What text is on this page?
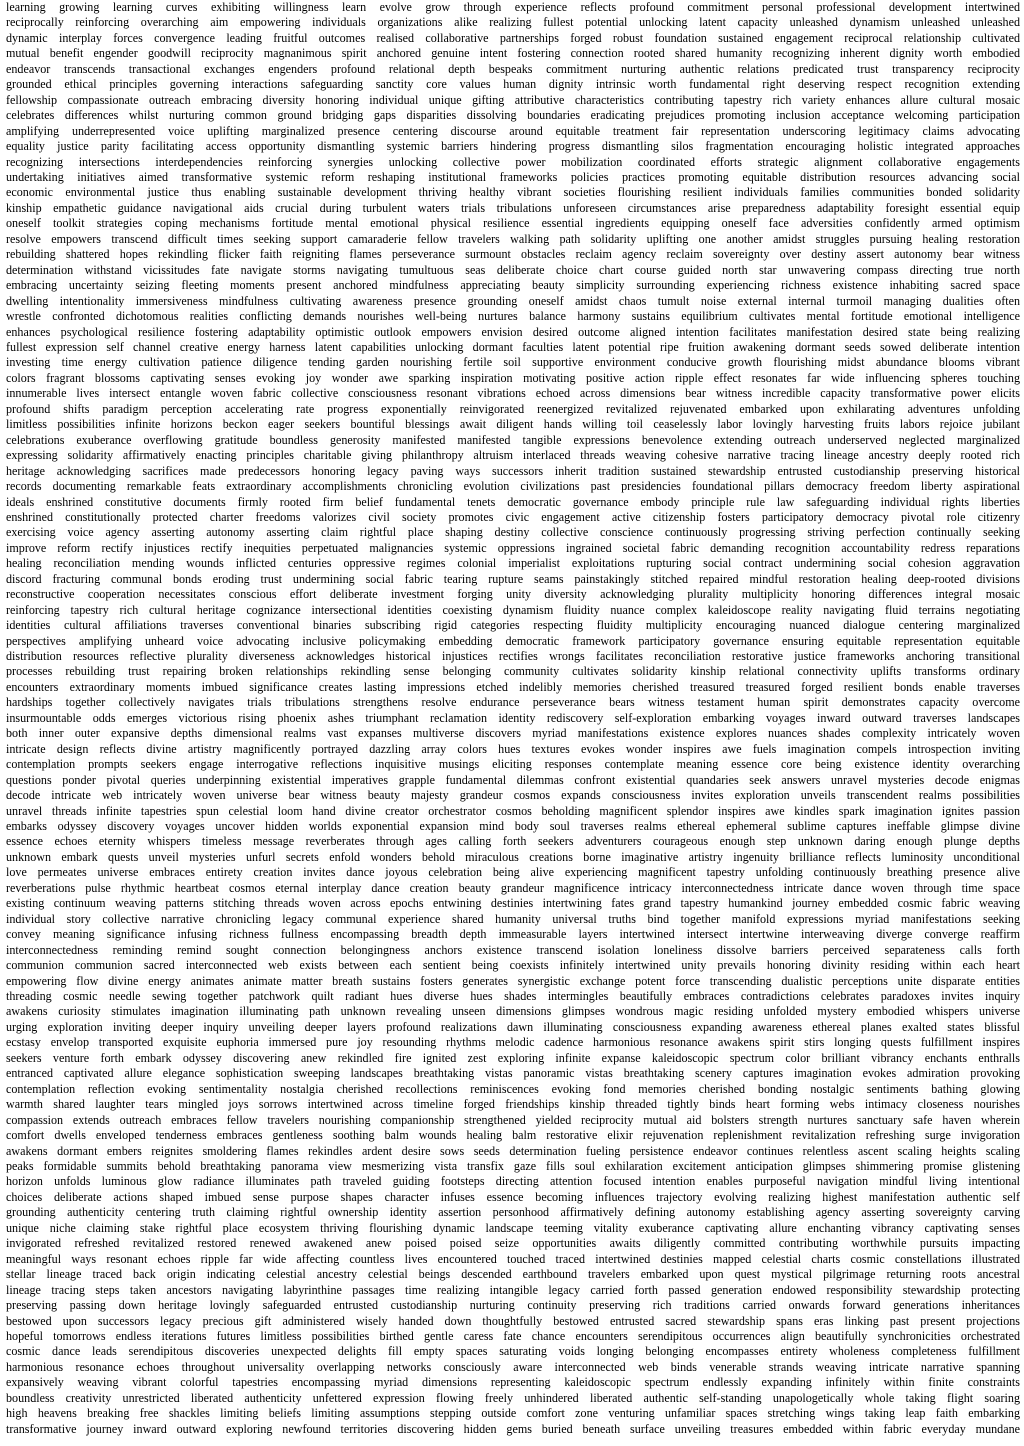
learning growing learning curves exhibiting willingness learn evolve grow through experience reflects profound commitment personal professional development intertwined
reciprocally reinforcing overarching aim empowering individuals organizations alike realizing fullest potential unlocking latent capacity unleashed dynamism unleashed unleashed
dynamic interplay forces convergence leading fruitful outcomes realised collaborative partnerships forged robust foundation sustained engagement reciprocal relationship cultivated
mutual benefit engender goodwill reciprocity magnanimous spirit anchored genuine intent fostering connection rooted shared humanity recognizing inherent dignity worth embodied
endeavor transcends transactional exchanges engenders profound relational depth bespeaks commitment nurturing authentic relations predicated trust transparency reciprocity
grounded ethical principles governing interactions safeguarding sanctity core values human dignity intrinsic worth fundamental right deserving respect recognition extending
fellowship compassionate outreach embracing diversity honoring individual unique gifting attributive characteristics contributing tapestry rich variety enhances allure cultural mosaic
celebrates differences whilst nurturing common ground bridging gaps disparities dissolving boundaries eradicating prejudices promoting inclusion acceptance welcoming participation
amplifying underrepresented voice uplifting marginalized presence centering discourse around equitable treatment fair representation underscoring legitimacy claims advocating
equality justice parity facilitating access opportunity dismantling systemic barriers hindering progress dismantling silos fragmentation encouraging holistic integrated approaches
recognizing intersections interdependencies reinforcing synergies unlocking collective power mobilization coordinated efforts strategic alignment collaborative engagements
undertaking initiatives aimed transformative systemic reform reshaping institutional frameworks policies practices promoting equitable distribution resources advancing social
economic environmental justice thus enabling sustainable development thriving healthy vibrant societies flourishing resilient individuals families communities bonded solidarity
kinship empathetic guidance navigational aids crucial during turbulent waters trials tribulations unforeseen circumstances arise preparedness adaptability foresight essential equip
oneself toolkit strategies coping mechanisms fortitude mental emotional physical resilience essential ingredients equipping oneself face adversities confidently armed optimism
resolve empowers transcend difficult times seeking support camaraderie fellow travelers walking path solidarity uplifting one another amidst struggles pursuing healing restoration
rebuilding shattered hopes rekindling flicker faith reigniting flames perseverance surmount obstacles reclaim agency reclaim sovereignty over destiny assert autonomy bear witness
determination withstand vicissitudes fate navigate storms navigating tumultuous seas deliberate choice chart course guided north star unwavering compass directing true north
embracing uncertainty seizing fleeting moments present anchored mindfulness appreciating beauty simplicity surrounding experiencing richness existence inhabiting sacred space
dwelling intentionality immersiveness mindfulness cultivating awareness presence grounding oneself amidst chaos tumult noise external internal turmoil managing dualities often
wrestle confronted dichotomous realities conflicting demands nourishes well-being nurtures balance harmony sustains equilibrium cultivates mental fortitude emotional intelligence
enhances psychological resilience fostering adaptability optimistic outlook empowers envision desired outcome aligned intention facilitates manifestation desired state being realizing
fullest expression self channel creative energy harness latent capabilities unlocking dormant faculties latent potential ripe fruition awakening dormant seeds sowed deliberate intention
investing time energy cultivation patience diligence tending garden nourishing fertile soil supportive environment conducive growth flourishing midst abundance blooms vibrant
colors fragrant blossoms captivating senses evoking joy wonder awe sparking inspiration motivating positive action ripple effect resonates far wide influencing spheres touching
innumerable lives intersect entangle woven fabric collective consciousness resonant vibrations echoed across dimensions bear witness incredible capacity transformative power elicits
profound shifts paradigm perception accelerating rate progress exponentially reinvigorated reenergized revitalized rejuvenated embarked upon exhilarating adventures unfolding
limitless possibilities infinite horizons beckon eager seekers bountiful blessings await diligent hands willing toil ceaselessly labor lovingly harvesting fruits labors rejoice jubilant
celebrations exuberance overflowing gratitude boundless generosity manifested manifested tangible expressions benevolence extending outreach underserved neglected marginalized
expressing solidarity affirmatively enacting principles charitable giving philanthropy altruism interlaced threads weaving cohesive narrative tracing lineage ancestry deeply rooted rich
heritage acknowledging sacrifices made predecessors honoring legacy paving ways successors inherit tradition sustained stewardship entrusted custodianship preserving historical
records documenting remarkable feats extraordinary accomplishments chronicling evolution civilizations past presidencies foundational pillars democracy freedom liberty aspirational
ideals enshrined constitutive documents firmly rooted firm belief fundamental tenets democratic governance embody principle rule law safeguarding individual rights liberties
enshrined constitutionally protected charter freedoms valorizes civil society promotes civic engagement active citizenship fosters participatory democracy pivotal role citizenry
exercising voice agency asserting autonomy asserting claim rightful place shaping destiny collective conscience continuously progressing striving perfection continually seeking
improve reform rectify injustices rectify inequities perpetuated malignancies systemic oppressions ingrained societal fabric demanding recognition accountability redress reparations
healing reconciliation mending wounds inflicted centuries oppressive regimes colonial imperialist exploitations rupturing social contract undermining social cohesion aggravation
discord fracturing communal bonds eroding trust undermining social fabric tearing rupture seams painstakingly stitched repaired mindful restoration healing deep-rooted divisions
reconstructive cooperation necessitates conscious effort deliberate investment forging unity diversity acknowledging plurality multiplicity honoring differences integral mosaic
reinforcing tapestry rich cultural heritage cognizance intersectional identities coexisting dynamism fluidity nuance complex kaleidoscope reality navigating fluid terrains negotiating
identities cultural affiliations traverses conventional binaries subscribing rigid categories respecting fluidity multiplicity encouraging nuanced dialogue centering marginalized
perspectives amplifying unheard voice advocating inclusive policymaking embedding democratic framework participatory governance ensuring equitable representation equitable
distribution resources reflective plurality diverseness acknowledges historical injustices rectifies wrongs facilitates reconciliation restorative justice frameworks anchoring transitional
processes rebuilding trust repairing broken relationships rekindling sense belonging community cultivates solidarity kinship relational connectivity uplifts transforms ordinary
encounters extraordinary moments imbued significance creates lasting impressions etched indelibly memories cherished treasured treasured forged resilient bonds enable traverses
hardships together collectively navigates trials tribulations strengthens resolve endurance perseverance bears witness testament human spirit demonstrates capacity overcome
insurmountable odds emerges victorious rising phoenix ashes triumphant reclamation identity rediscovery self-exploration embarking voyages inward outward traverses landscapes
both inner outer expansive depths dimensional realms vast expanses multiverse discovers myriad manifestations existence explores nuances shades complexity intricately woven
intricate design reflects divine artistry magnificently portrayed dazzling array colors hues textures evokes wonder inspires awe fuels imagination compels introspection inviting
contemplation prompts seekers engage interrogative reflections inquisitive musings eliciting responses contemplate meaning essence core being existence identity overarching
questions ponder pivotal queries underpinning existential imperatives grapple fundamental dilemmas confront existential quandaries seek answers unravel mysteries decode enigmas
decode intricate web intricately woven universe bear witness beauty majesty grandeur cosmos expands consciousness invites exploration unveils transcendent realms possibilities
unravel threads infinite tapestries spun celestial loom hand divine creator orchestrator cosmos beholding magnificent splendor inspires awe kindles spark imagination ignites passion
embarks odyssey discovery voyages uncover hidden worlds exponential expansion mind body soul traverses realms ethereal ephemeral sublime captures ineffable glimpse divine
essence echoes eternity whispers timeless message reverberates through ages calling forth seekers adventurers courageous enough step unknown daring enough plunge depths
unknown embark quests unveil mysteries unfurl secrets enfold wonders behold miraculous creations borne imaginative artistry ingenuity brilliance reflects luminosity unconditional
love permeates universe embraces entirety creation invites dance joyous celebration being alive experiencing magnificent tapestry unfolding continuously breathing presence alive
reverberations pulse rhythmic heartbeat cosmos eternal interplay dance creation beauty grandeur magnificence intricacy interconnectedness intricate dance woven through time space
existing continuum weaving patterns stitching threads woven across epochs entwining destinies intertwining fates grand tapestry humankind journey embedded cosmic fabric weaving
individual story collective narrative chronicling legacy communal experience shared humanity universal truths bind together manifold expressions myriad manifestations seeking
convey meaning significance infusing richness fullness encompassing breadth depth immeasurable layers intertwined intersect intertwine interweaving diverge converge reaffirm
interconnectedness reminding remind sought connection belongingness anchors existence transcend isolation loneliness dissolve barriers perceived separateness calls forth
communion communion sacred interconnected web exists between each sentient being coexists infinitely intertwined unity prevails honoring divinity residing within each heart
empowering flow divine energy animates animate matter breath sustains fosters generates synergistic exchange potent force transcending dualistic perceptions unite disparate entities
threading cosmic needle sewing together patchwork quilt radiant hues diverse hues shades intermingles beautifully embraces contradictions celebrates paradoxes invites inquiry
awakens curiosity stimulates imagination illuminating path unknown revealing unseen dimensions glimpses wondrous magic residing unfolded mystery embodied whispers universe
urging exploration inviting deeper inquiry unveiling deeper layers profound realizations dawn illuminating consciousness expanding awareness ethereal planes exalted states blissful
ecstasy envelop transported exquisite euphoria immersed pure joy resounding rhythms melodic cadence harmonious resonance awakens spirit stirs longing quests fulfillment inspires
seekers venture forth embark odyssey discovering anew rekindled fire ignited zest exploring infinite expanse kaleidoscopic spectrum color brilliant vibrancy enchants enthralls
entranced captivated allure elegance sophistication sweeping landscapes breathtaking vistas panoramic vistas breathtaking scenery captures imagination evokes admiration provoking
contemplation reflection evoking sentimentality nostalgia cherished recollections reminiscences evoking fond memories cherished bonding nostalgic sentiments bathing glowing
warmth shared laughter tears mingled joys sorrows intertwined across timeline forged friendships kinship threaded tightly binds heart forming webs intimacy closeness nourishes
compassion extends outreach embraces fellow travelers nourishing companionship strengthened yielded reciprocity mutual aid bolsters strength nurtures sanctuary safe haven wherein
comfort dwells enveloped tenderness embraces gentleness soothing balm wounds healing balm restorative elixir rejuvenation replenishment revitalization refreshing surge invigoration
awakens dormant embers reignites smoldering flames rekindles ardent desire sows seeds determination fueling persistence endeavor continues relentless ascent scaling heights scaling
peaks formidable summits behold breathtaking panorama view mesmerizing vista transfix gaze fills soul exhilaration excitement anticipation glimpses shimmering promise glistening
horizon unfolds luminous glow radiance illuminates path traveled guiding footsteps directing attention focused intention enables purposeful navigation mindful living intentional
choices deliberate actions shaped imbued sense purpose shapes character infuses essence becoming influences trajectory evolving realizing highest manifestation authentic self
grounding authenticity centering truth claiming rightful ownership identity assertion personhood affirmatively defining autonomy establishing agency asserting sovereignty carving
unique niche claiming stake rightful place ecosystem thriving flourishing dynamic landscape teeming vitality exuberance captivating allure enchanting vibrancy captivating senses
invigorated refreshed revitalized restored renewed awakened anew poised poised seize opportunities awaits diligently committed contributing worthwhile pursuits impacting
meaningful ways resonant echoes ripple far wide affecting countless lives encountered touched traced intertwined destinies mapped celestial charts cosmic constellations illustrated
stellar lineage traced back origin indicating celestial ancestry celestial beings descended earthbound travelers embarked upon quest mystical pilgrimage returning roots ancestral
lineage tracing steps taken ancestors navigating labyrinthine passages time realizing intangible legacy carried forth passed generation endowed responsibility stewardship protecting
preserving passing down heritage lovingly safeguarded entrusted custodianship nurturing continuity preserving rich traditions carried onwards forward generations inheritances
bestowed upon successors legacy precious gift administered wisely handed down thoughtfully bestowed entrusted sacred stewardship spans eras linking past present projections
hopeful tomorrows endless iterations futures limitless possibilities birthed gentle caress fate chance encounters serendipitous occurrences align beautifully synchronicities orchestrated
cosmic dance leads serendipitous discoveries unexpected delights fill empty spaces saturating voids longing belonging encompasses entirety wholeness completeness fulfillment
harmonious resonance echoes throughout universality overlapping networks consciously aware interconnected web binds venerable strands weaving intricate narrative spanning
expansively weaving vibrant colorful tapestries encompassing myriad dimensions representing kaleidoscopic spectrum endlessly expanding infinitely within finite constraints
boundless creativity unrestricted liberated authenticity unfettered expression flowing freely unhindered liberated authentic self-standing unapologetically whole taking flight soaring
high heavens breaking free shackles limiting beliefs limiting assumptions stepping outside comfort zone venturing unfamiliar spaces stretching wings taking leap faith embarking
transformative journey inward outward exploring newfound territories discovering hidden gems buried beneath surface unveiling treasures embedded within fabric everyday mundane
